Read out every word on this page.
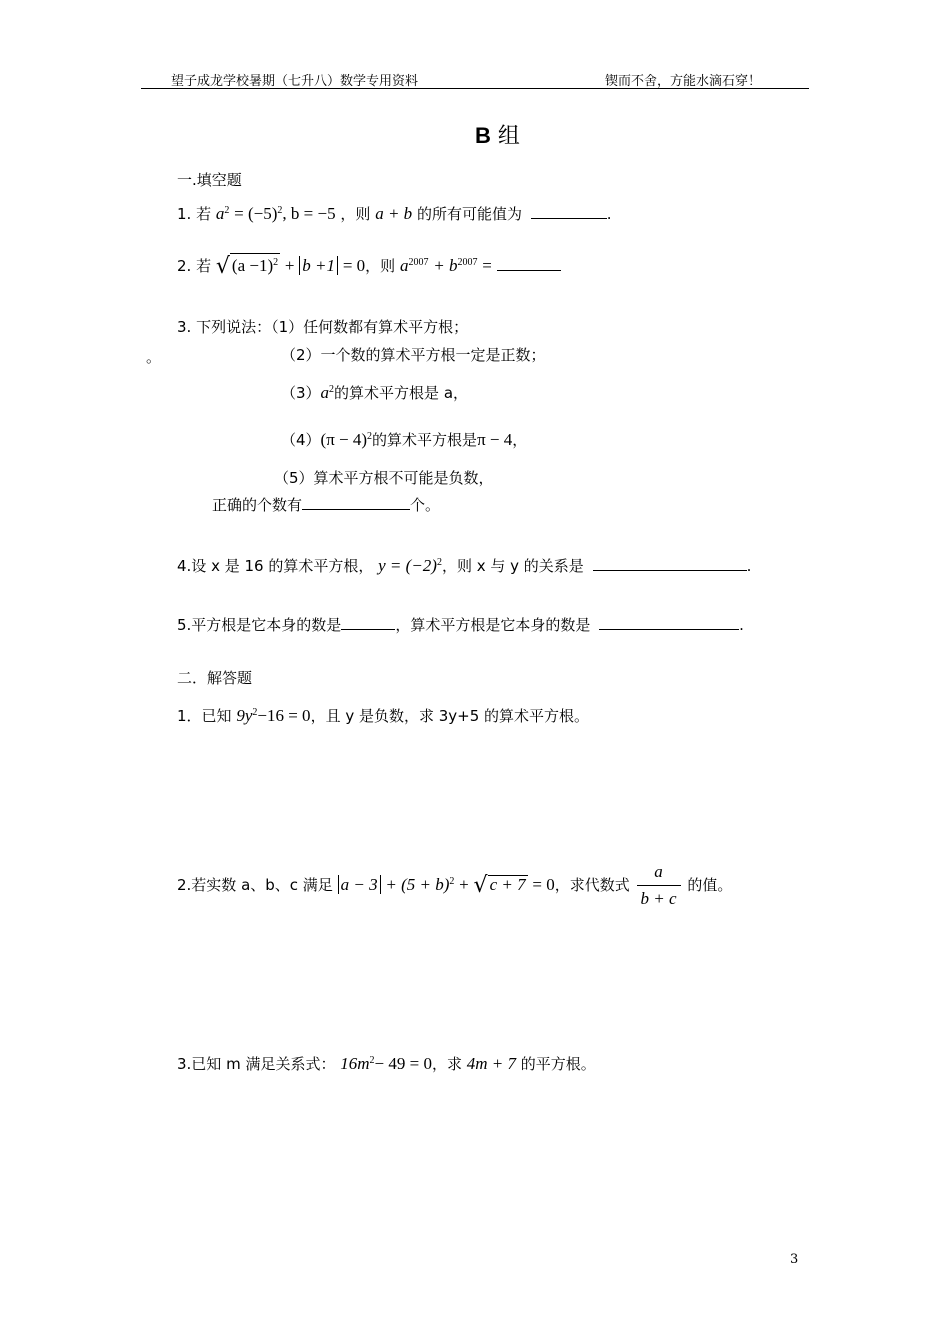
望子成龙学校暑期（七升八）数学专用资料	锲而不舍，方能水滴石穿！
B 组
一.填空题
1. 若 $a^2 = (-5)^2$, b = −5 ，则 a + b 的所有可能值为	.
2. 若 √ $(a -1)^2 + b +1 = 0$，则 $a^{2007} + b^{2007}$ =
3. 下列说法：（1）任何数都有算术平方根；
。	（2）一个数的算术平方根一定是正数；
$(3)a^2$的算术平方根是 a，
$(4)(\pi - 4)^2$的算术平方根是π − 4，
（5）算术平方根不可能是负数，
正确的个数有	个。
4.设 x 是 16 的算术平方根， $y = (-2)^2$，则 x 与 y 的关系是	.
5.平方根是它本身的数是	，算术平方根是它本身的数是	.
二．解答题
1．已知 $9y^2-16 = 0$，且 y 是负数，求 3y+5 的算术平方根。
2.若实数 a、b、c 满足 $a - 3 + (5 + b)^2$ + √ c + 7 = 0，求代数式 $\frac{a}{b + c}$ 的值。
3.已知 m 满足关系式： $16m^2- 49 = 0$，求 4m + 7 的平方根。
3
